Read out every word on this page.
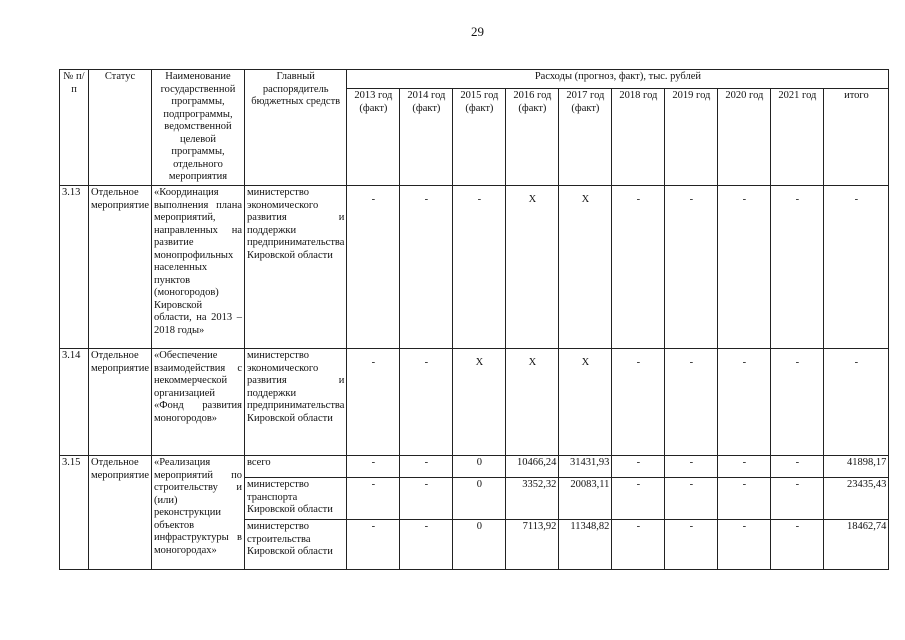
29
№ п/п	Статус	Наименование государственной программы, подпрограммы, ведомственной целевой программы, отдельного мероприятия	Главный распорядитель бюджетных средств	Расходы (прогноз, факт), тыс. рублей									
				2013 год (факт)	2014 год (факт)	2015 год (факт)	2016 год (факт)	2017 год (факт)	2018 год	2019 год	2020 год	2021 год	итого
3.13	Отдельное мероприятие	«Координация выполнения плана мероприятий, направленных на развитие монопрофильных населенных пунктов (моногородов) Кировской области, на 2013 – 2018 годы»	министерство экономического развития и поддержки предпринимательства Кировской области	-	-	-	Х	Х	-	-	-	-	-
3.14	Отдельное мероприятие	«Обеспечение взаимодействия с некоммерческой организацией «Фонд развития моногородов»	министерство экономического развития и поддержки предпринимательства Кировской области	-	-	Х	Х	Х	-	-	-	-	-
3.15	Отдельное мероприятие	«Реализация мероприятий по строительству и (или) реконструкции объектов инфраструктуры в моногородах»	всего	-	-	0	10466,24	31431,93	-	-	-	-	41898,17
			министерство транспорта Кировской области	-	-	0	3352,32	20083,11	-	-	-	-	23435,43
			министерство строительства Кировской области	-	-	0	7113,92	11348,82	-	-	-	-	18462,74
